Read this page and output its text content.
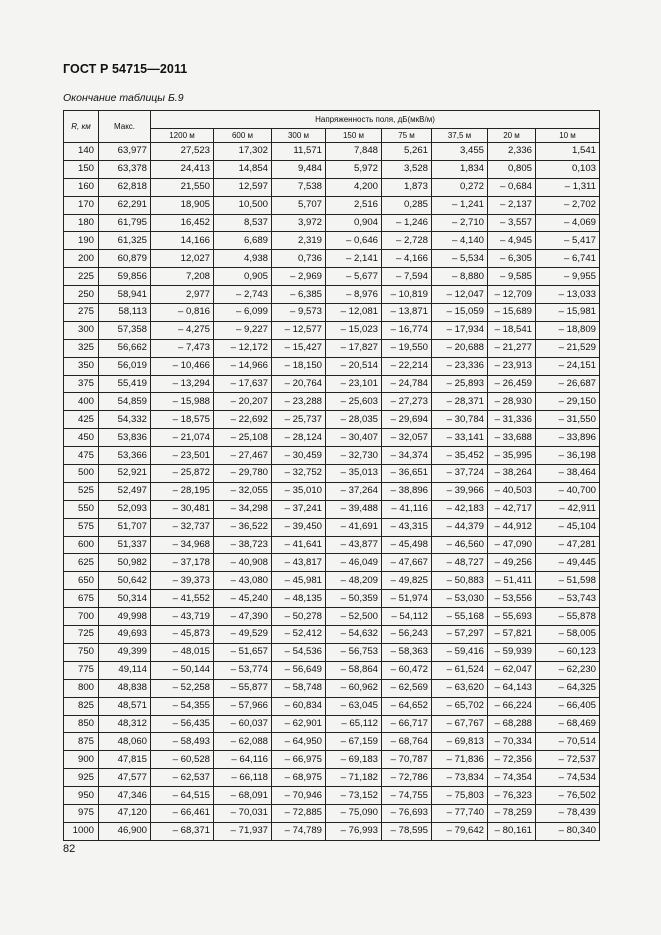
ГОСТ Р 54715—2011
Окончание таблицы Б.9
R, км	Макс.	Напряженность поля, дБ(мкВ/м)							
		1200 м	600 м	300 м	150 м	75 м	37,5 м	20 м	10 м
140	63,977	27,523	17,302	11,571	7,848	5,261	3,455	2,336	1,541
150	63,378	24,413	14,854	9,484	5,972	3,528	1,834	0,805	0,103
160	62,818	21,550	12,597	7,538	4,200	1,873	0,272	– 0,684	– 1,311
170	62,291	18,905	10,500	5,707	2,516	0,285	– 1,241	– 2,137	– 2,702
180	61,795	16,452	8,537	3,972	0,904	– 1,246	– 2,710	– 3,557	– 4,069
190	61,325	14,166	6,689	2,319	– 0,646	– 2,728	– 4,140	– 4,945	– 5,417
200	60,879	12,027	4,938	0,736	– 2,141	– 4,166	– 5,534	– 6,305	– 6,741
225	59,856	7,208	0,905	– 2,969	– 5,677	– 7,594	– 8,880	– 9,585	– 9,955
250	58,941	2,977	– 2,743	– 6,385	– 8,976	– 10,819	– 12,047	– 12,709	– 13,033
275	58,113	– 0,816	– 6,099	– 9,573	– 12,081	– 13,871	– 15,059	– 15,689	– 15,981
300	57,358	– 4,275	– 9,227	– 12,577	– 15,023	– 16,774	– 17,934	– 18,541	– 18,809
325	56,662	– 7,473	– 12,172	– 15,427	– 17,827	– 19,550	– 20,688	– 21,277	– 21,529
350	56,019	– 10,466	– 14,966	– 18,150	– 20,514	– 22,214	– 23,336	– 23,913	– 24,151
375	55,419	– 13,294	– 17,637	– 20,764	– 23,101	– 24,784	– 25,893	– 26,459	– 26,687
400	54,859	– 15,988	– 20,207	– 23,288	– 25,603	– 27,273	– 28,371	– 28,930	– 29,150
425	54,332	– 18,575	– 22,692	– 25,737	– 28,035	– 29,694	– 30,784	– 31,336	– 31,550
450	53,836	– 21,074	– 25,108	– 28,124	– 30,407	– 32,057	– 33,141	– 33,688	– 33,896
475	53,366	– 23,501	– 27,467	– 30,459	– 32,730	– 34,374	– 35,452	– 35,995	– 36,198
500	52,921	– 25,872	– 29,780	– 32,752	– 35,013	– 36,651	– 37,724	– 38,264	– 38,464
525	52,497	– 28,195	– 32,055	– 35,010	– 37,264	– 38,896	– 39,966	– 40,503	– 40,700
550	52,093	– 30,481	– 34,298	– 37,241	– 39,488	– 41,116	– 42,183	– 42,717	– 42,911
575	51,707	– 32,737	– 36,522	– 39,450	– 41,691	– 43,315	– 44,379	– 44,912	– 45,104
600	51,337	– 34,968	– 38,723	– 41,641	– 43,877	– 45,498	– 46,560	– 47,090	– 47,281
625	50,982	– 37,178	– 40,908	– 43,817	– 46,049	– 47,667	– 48,727	– 49,256	– 49,445
650	50,642	– 39,373	– 43,080	– 45,981	– 48,209	– 49,825	– 50,883	– 51,411	– 51,598
675	50,314	– 41,552	– 45,240	– 48,135	– 50,359	– 51,974	– 53,030	– 53,556	– 53,743
700	49,998	– 43,719	– 47,390	– 50,278	– 52,500	– 54,112	– 55,168	– 55,693	– 55,878
725	49,693	– 45,873	– 49,529	– 52,412	– 54,632	– 56,243	– 57,297	– 57,821	– 58,005
750	49,399	– 48,015	– 51,657	– 54,536	– 56,753	– 58,363	– 59,416	– 59,939	– 60,123
775	49,114	– 50,144	– 53,774	– 56,649	– 58,864	– 60,472	– 61,524	– 62,047	– 62,230
800	48,838	– 52,258	– 55,877	– 58,748	– 60,962	– 62,569	– 63,620	– 64,143	– 64,325
825	48,571	– 54,355	– 57,966	– 60,834	– 63,045	– 64,652	– 65,702	– 66,224	– 66,405
850	48,312	– 56,435	– 60,037	– 62,901	– 65,112	– 66,717	– 67,767	– 68,288	– 68,469
875	48,060	– 58,493	– 62,088	– 64,950	– 67,159	– 68,764	– 69,813	– 70,334	– 70,514
900	47,815	– 60,528	– 64,116	– 66,975	– 69,183	– 70,787	– 71,836	– 72,356	– 72,537
925	47,577	– 62,537	– 66,118	– 68,975	– 71,182	– 72,786	– 73,834	– 74,354	– 74,534
950	47,346	– 64,515	– 68,091	– 70,946	– 73,152	– 74,755	– 75,803	– 76,323	– 76,502
975	47,120	– 66,461	– 70,031	– 72,885	– 75,090	– 76,693	– 77,740	– 78,259	– 78,439
1000	46,900	– 68,371	– 71,937	– 74,789	– 76,993	– 78,595	– 79,642	– 80,161	– 80,340
82
